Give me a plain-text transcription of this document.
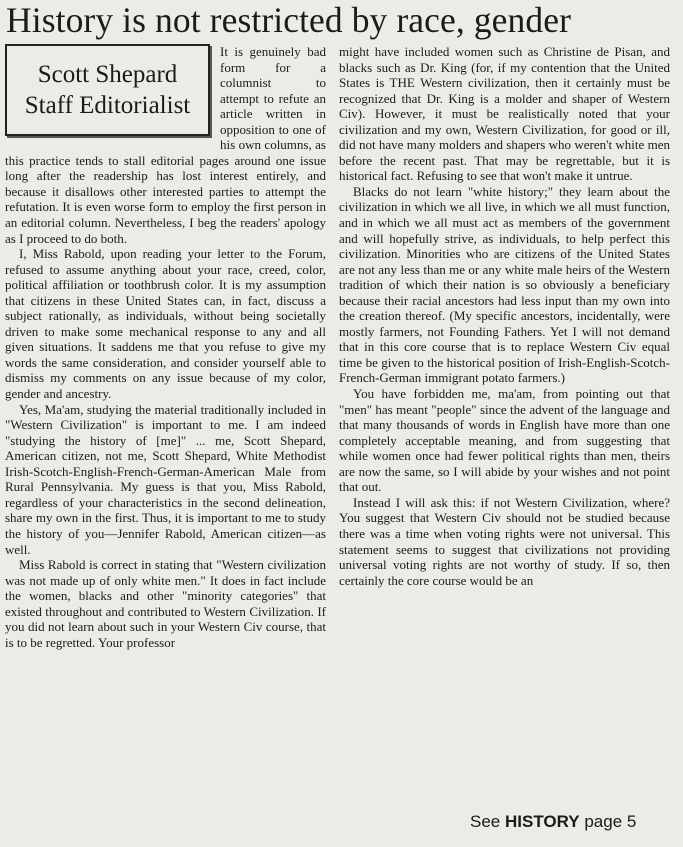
History is not restricted by race, gender
Scott Shepard
Staff Editorialist

It is genuinely bad form for a columnist to attempt to refute an article written in opposition to one of his own columns, as this practice tends to stall editorial pages around one issue long after the readership has lost interest entirely, and because it disallows other interested parties to attempt the refutation. It is even worse form to employ the first person in an editorial column. Nevertheless, I beg the readers' apology as I proceed to do both.

I, Miss Rabold, upon reading your letter to the Forum, refused to assume anything about your race, creed, color, political affiliation or toothbrush color. It is my assumption that citizens in these United States can, in fact, discuss a subject rationally, as individuals, without being societally driven to make some mechanical response to any and all given situations. It saddens me that you refuse to give my words the same consideration, and consider yourself able to dismiss my comments on any issue because of my color, gender and ancestry.

Yes, Ma'am, studying the material traditionally included in "Western Civilization" is important to me. I am indeed "studying the history of [me]" ... me, Scott Shepard, American citizen, not me, Scott Shepard, White Methodist Irish-Scotch-English-French-German-American Male from Rural Pennsylvania. My guess is that you, Miss Rabold, regardless of your characteristics in the second delineation, share my own in the first. Thus, it is important to me to study the history of you—Jennifer Rabold, American citizen—as well.

Miss Rabold is correct in stating that "Western civilization was not made up of only white men." It does in fact include the women, blacks and other "minority categories" that existed throughout and contributed to Western Civilization. If you did not learn about such in your Western Civ course, that is to be regretted. Your professor

might have included women such as Christine de Pisan, and blacks such as Dr. King (for, if my contention that the United States is THE Western civilization, then it certainly must be recognized that Dr. King is a molder and shaper of Western Civ). However, it must be realistically noted that your civilization and my own, Western Civilization, for good or ill, did not have many molders and shapers who weren't white men before the recent past. That may be regrettable, but it is historical fact. Refusing to see that won't make it untrue.

Blacks do not learn "white history;" they learn about the civilization in which we all live, in which we all must function, and in which we all must act as members of the government and will hopefully strive, as individuals, to help perfect this civilization. Minorities who are citizens of the United States are not any less than me or any white male heirs of the Western tradition of which their nation is so obviously a beneficiary because their racial ancestors had less input than my own into the creation thereof. (My specific ancestors, incidentally, were mostly farmers, not Founding Fathers. Yet I will not demand that in this core course that is to replace Western Civ equal time be given to the historical position of Irish-English-Scotch-French-German immigrant potato farmers.)

You have forbidden me, ma'am, from pointing out that "men" has meant "people" since the advent of the language and that many thousands of words in English have more than one completely acceptable meaning, and from suggesting that while women once had fewer political rights than men, theirs are now the same, so I will abide by your wishes and not point that out.

Instead I will ask this: if not Western Civilization, where? You suggest that Western Civ should not be studied because there was a time when voting rights were not universal. This statement seems to suggest that civilizations not providing universal voting rights are not worthy of study. If so, then certainly the core course would be an

See HISTORY page 5
